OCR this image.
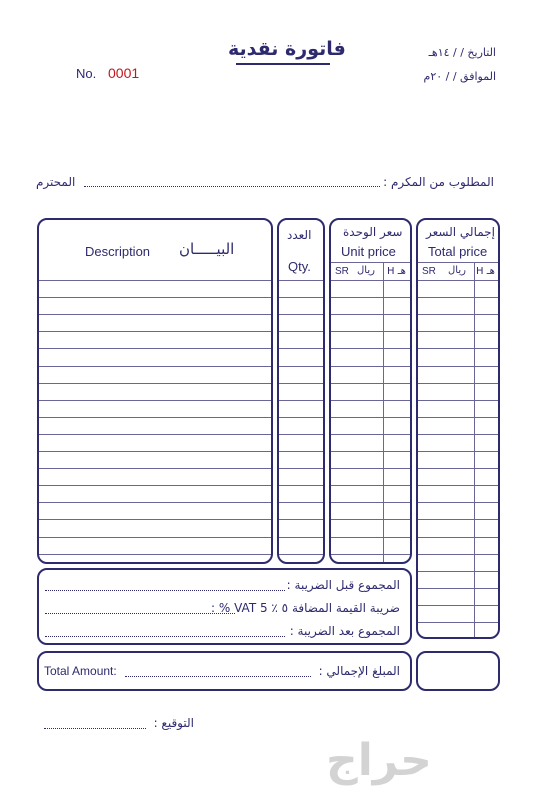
فاتورة نقدية
No. 0001
التاريخ / / ١٤هـ
الموافق / / ٢٠م
المطلوب من المكرم :
المحترم
Description البيـــــان
العدد
Qty.
سعر الوحدة
Unit price
SR ريال هـ H
إجمالي السعر
Total price
SR ريال هـ H
المجموع قبل الضريبة :
ضريبة القيمة المضافة ٥ ٪ VAT 5 % :
المجموع بعد الضريبة :
Total Amount:	المبلغ الإجمالي :
التوقيع :
حراج
